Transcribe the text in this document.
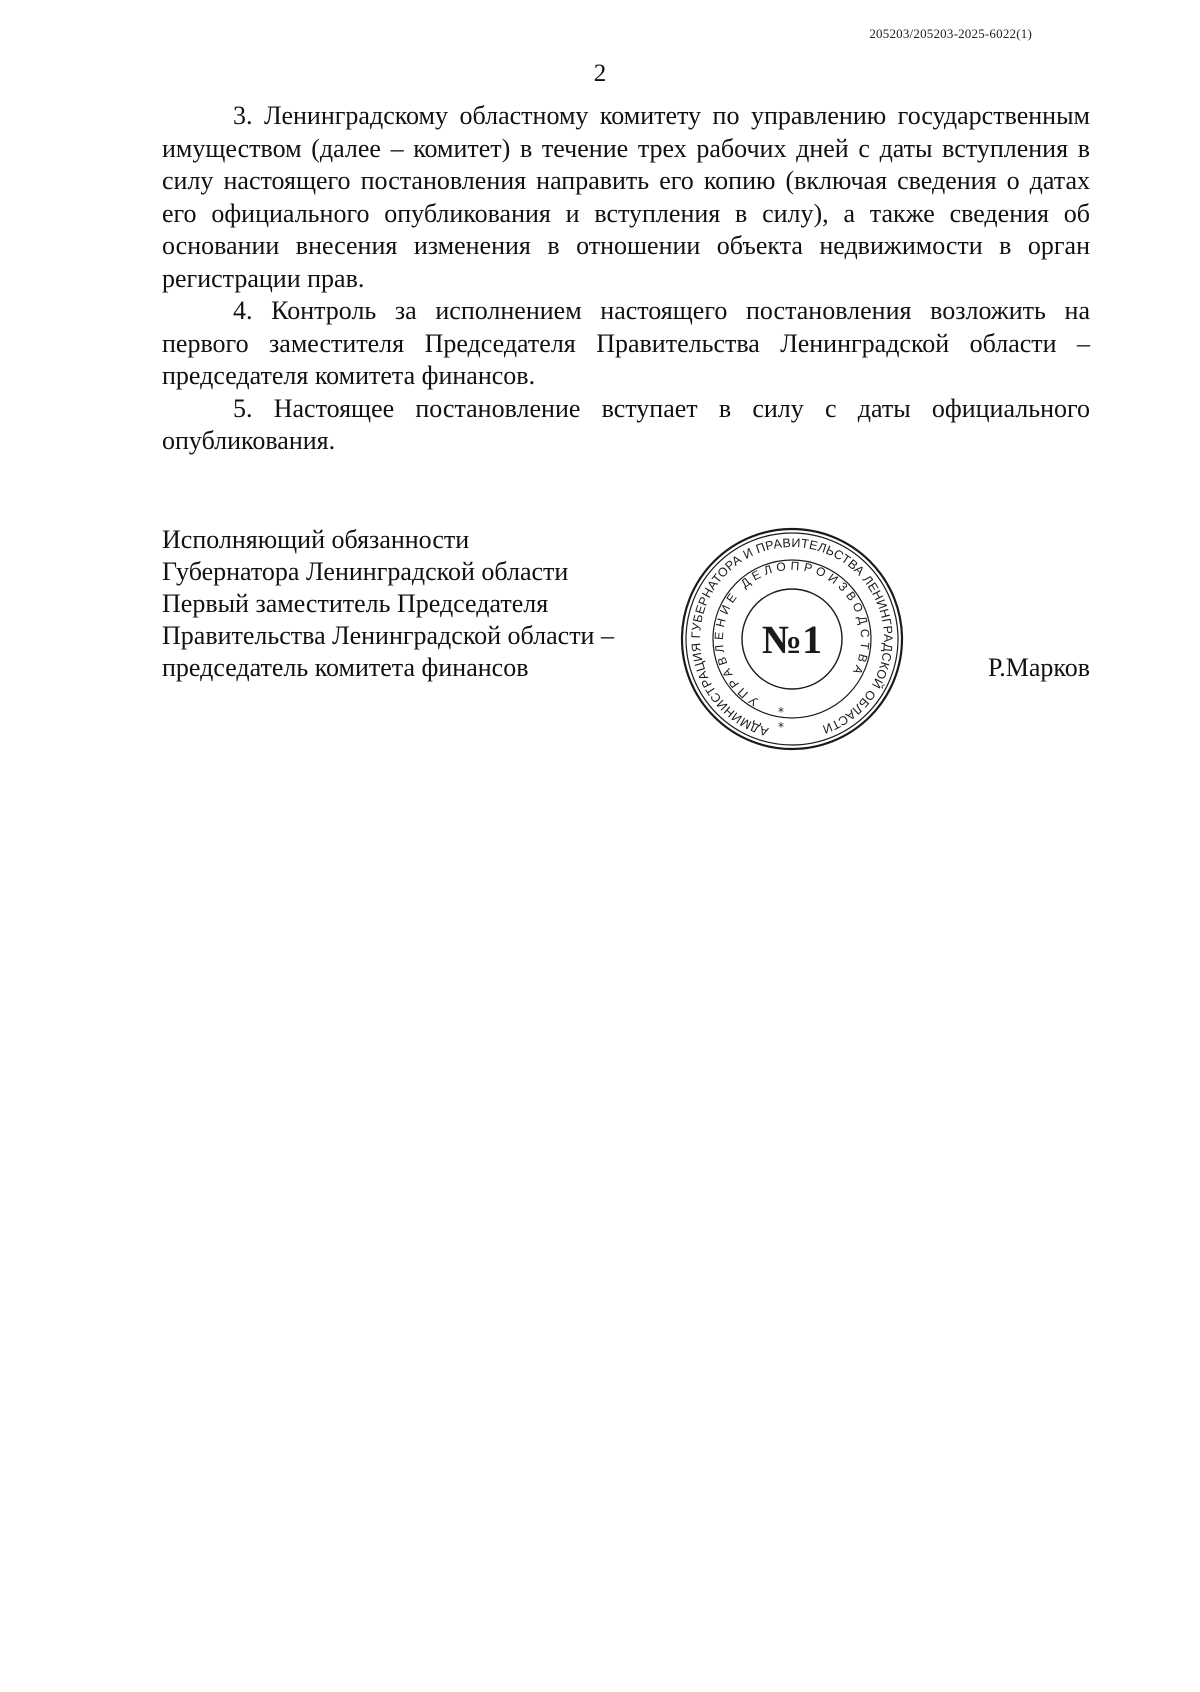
205203/205203-2025-6022(1)
2

3. Ленинградскому областному комитету по управлению государственным имуществом (далее – комитет) в течение трех рабочих дней с даты вступления в силу настоящего постановления направить его копию (включая сведения о датах его официального опубликования и вступления в силу), а также сведения об основании внесения изменения в отношении объекта недвижимости в орган регистрации прав.

4. Контроль за исполнением настоящего постановления возложить на первого заместителя Председателя Правительства Ленинградской области – председателя комитета финансов.

5. Настоящее постановление вступает в силу с даты официального опубликования.

Исполняющий обязанности
Губернатора Ленинградской области
Первый заместитель Председателя
Правительства Ленинградской области –
председатель комитета финансов	Р.Марков
АДМИНИСТРАЦИЯ ГУБЕРНАТОРА И ПРАВИТЕЛЬСТВА ЛЕНИНГРАДСКОЙ ОБЛАСТИ
УПРАВЛЕНИЕ ДЕЛОПРОИЗВОДСТВА
№1
*
*
